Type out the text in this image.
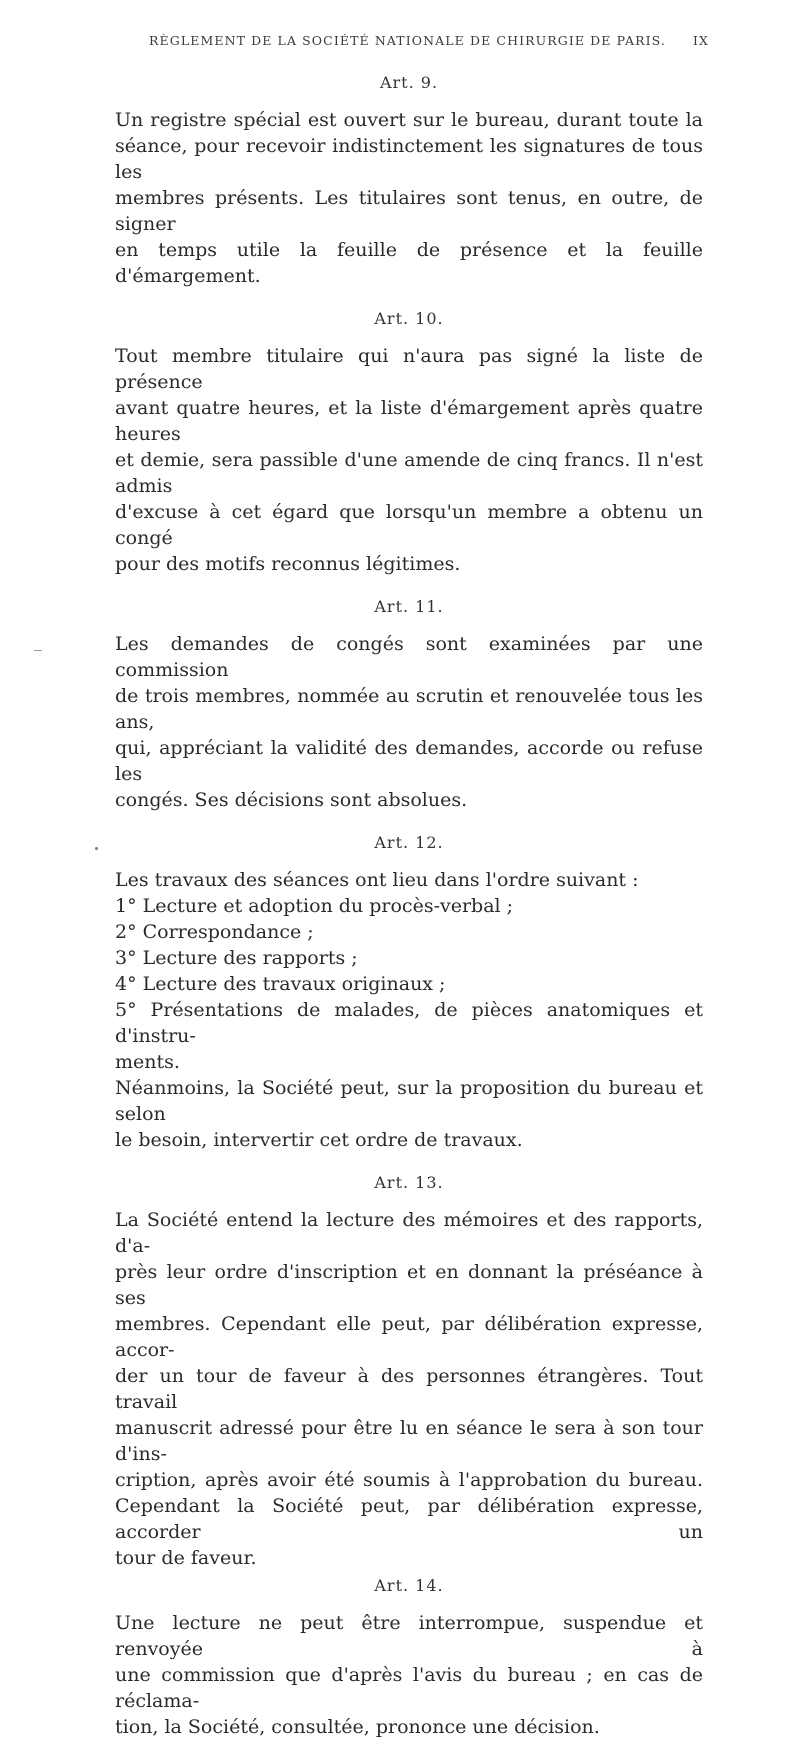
RÈGLEMENT DE LA SOCIÉTÉ NATIONALE DE CHIRURGIE DE PARIS. IX
Art. 9.
Un registre spécial est ouvert sur le bureau, durant toute la
séance, pour recevoir indistinctement les signatures de tous les
membres présents. Les titulaires sont tenus, en outre, de signer
en temps utile la feuille de présence et la feuille d'émargement.
Art. 10.
Tout membre titulaire qui n'aura pas signé la liste de présence
avant quatre heures, et la liste d'émargement après quatre heures
et demie, sera passible d'une amende de cinq francs. Il n'est admis
d'excuse à cet égard que lorsqu'un membre a obtenu un congé
pour des motifs reconnus légitimes.
Art. 11.
Les demandes de congés sont examinées par une commission
de trois membres, nommée au scrutin et renouvelée tous les ans,
qui, appréciant la validité des demandes, accorde ou refuse les
congés. Ses décisions sont absolues.
Art. 12.
Les travaux des séances ont lieu dans l'ordre suivant :
1° Lecture et adoption du procès-verbal ;
2° Correspondance ;
3° Lecture des rapports ;
4° Lecture des travaux originaux ;
5° Présentations de malades, de pièces anatomiques et d'instru-
ments.
Néanmoins, la Société peut, sur la proposition du bureau et selon
le besoin, intervertir cet ordre de travaux.
Art. 13.
La Société entend la lecture des mémoires et des rapports, d'a-
près leur ordre d'inscription et en donnant la préséance à ses
membres. Cependant elle peut, par délibération expresse, accor-
der un tour de faveur à des personnes étrangères. Tout travail
manuscrit adressé pour être lu en séance le sera à son tour d'ins-
cription, après avoir été soumis à l'approbation du bureau.
Cependant la Société peut, par délibération expresse, accorder un
tour de faveur.
Art. 14.
Une lecture ne peut être interrompue, suspendue et renvoyée à
une commission que d'après l'avis du bureau ; en cas de réclama-
tion, la Société, consultée, prononce une décision.
